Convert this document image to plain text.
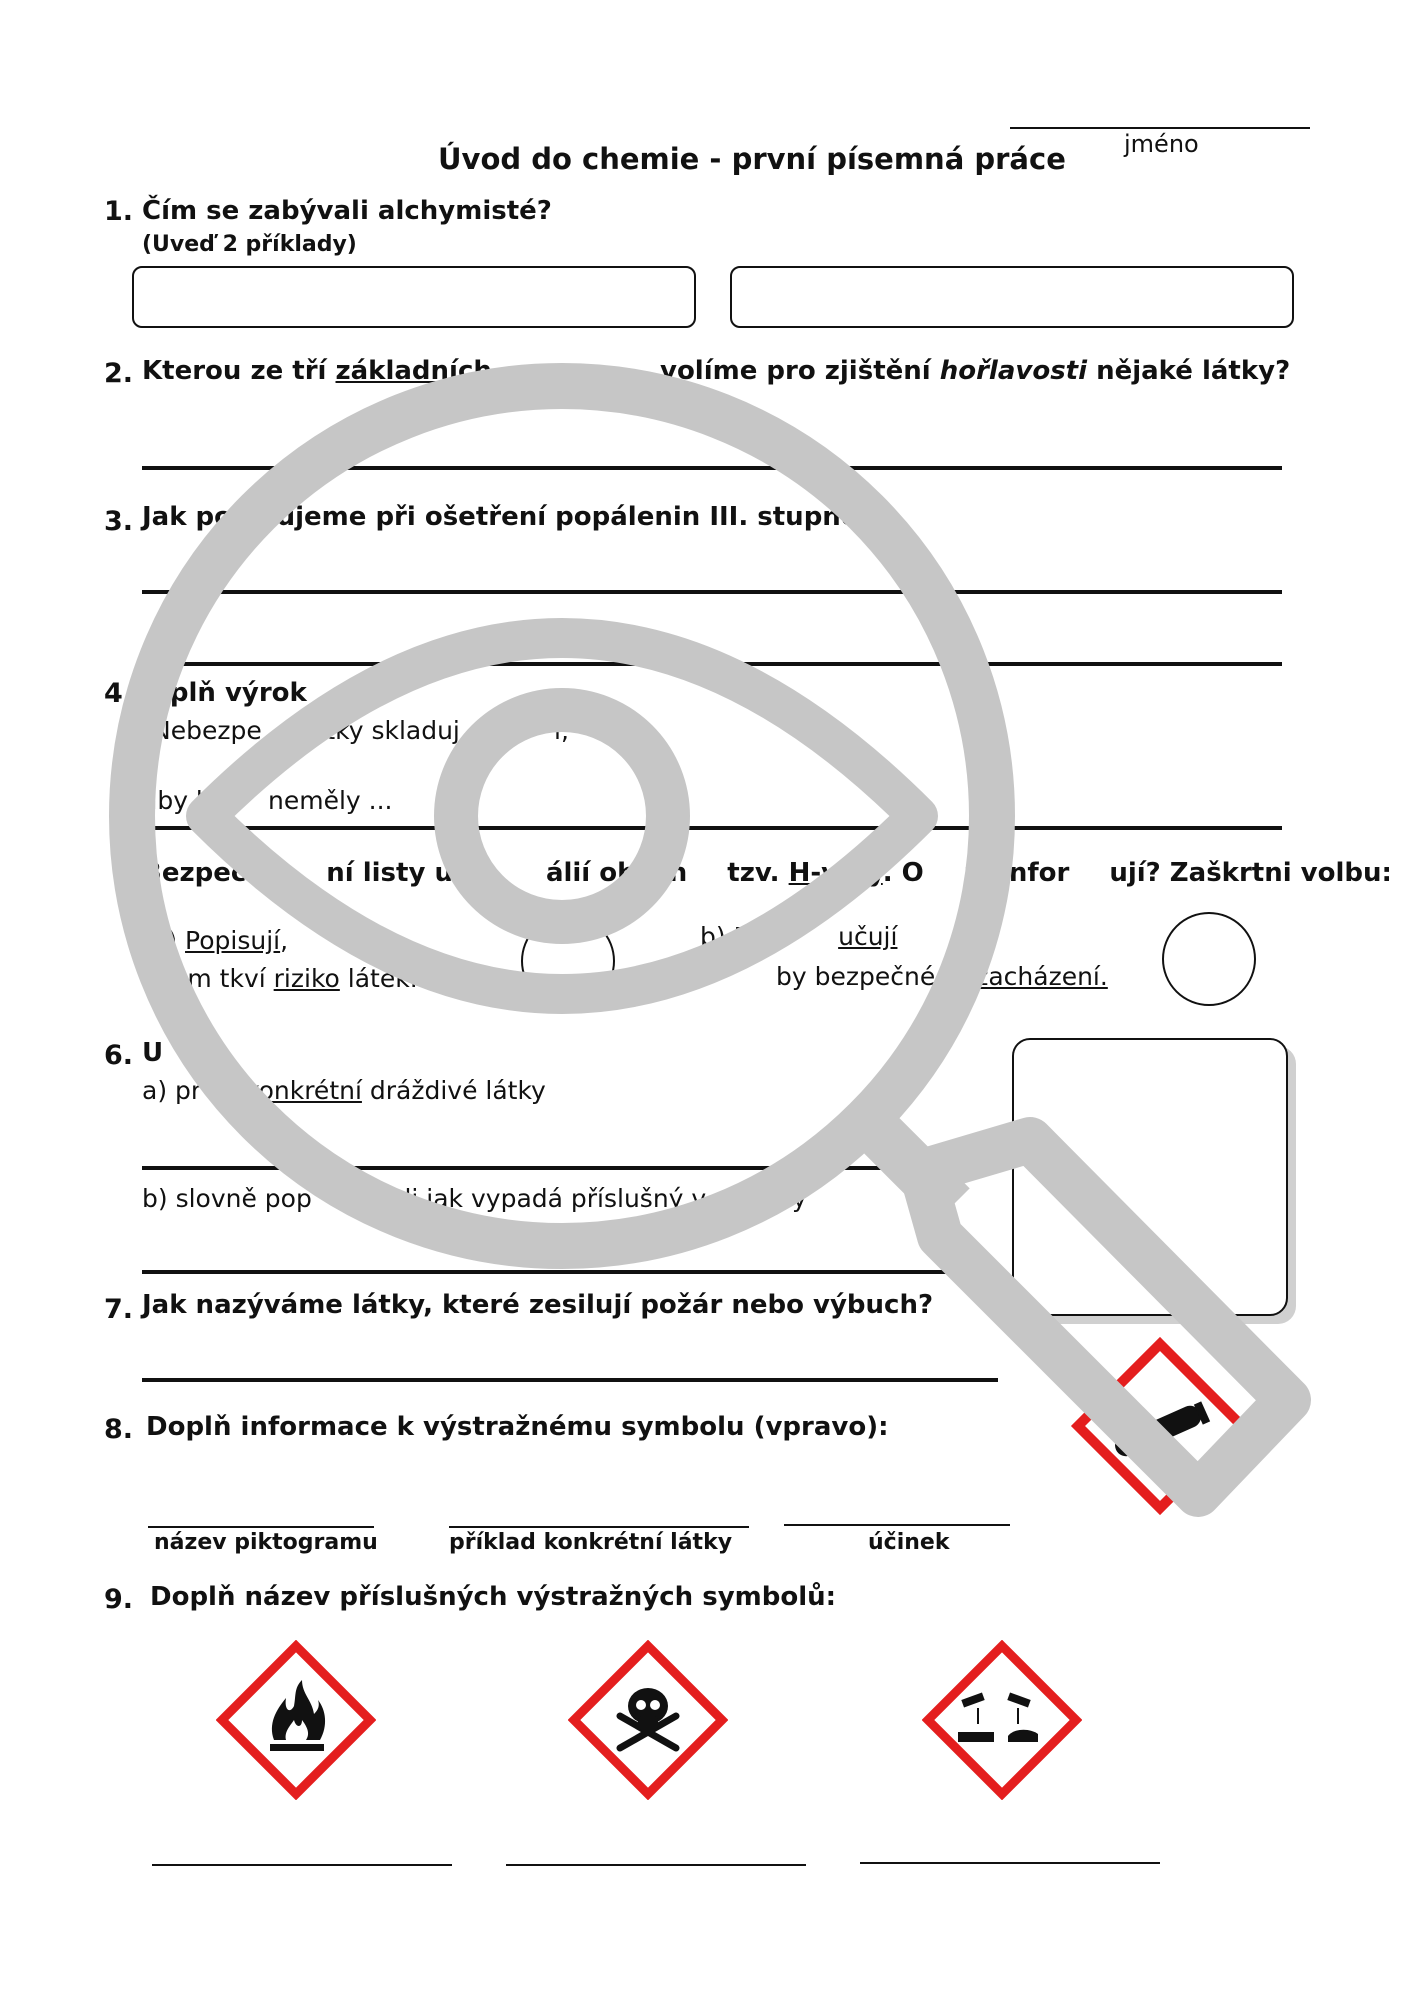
jméno
Úvod do chemie - první písemná práce
1. Čím se zabývali alchymisté?
(Uveď 2 příklady)
2. Kterou ze tří základních	volíme pro zjištění hořlavosti nějaké látky?
3. Jak po pujeme při ošetření popálenin III. stupně?
4. oplň výrok
Nebezpe átky skladuj	í,
aby k neměly ...
Bezpeč	ní listy u ch álií obsah tzv. H-věty. O m infor ují? Zaškrtni volbu:
a) Popisují,
em tkví riziko látek.
b) Do	učují
by bezpečné zacházení.
6. U
a) pr d konkrétní dráždivé látky
b) slovně pop kresli jak vypadá příslušný v y sy
7. Jak nazýváme látky, které zesilují požár nebo výbuch?
8. Doplň informace k výstražnému symbolu (vpravo):
název piktogramu	příklad konkrétní látky	účinek
9. Doplň název příslušných výstražných symbolů:
